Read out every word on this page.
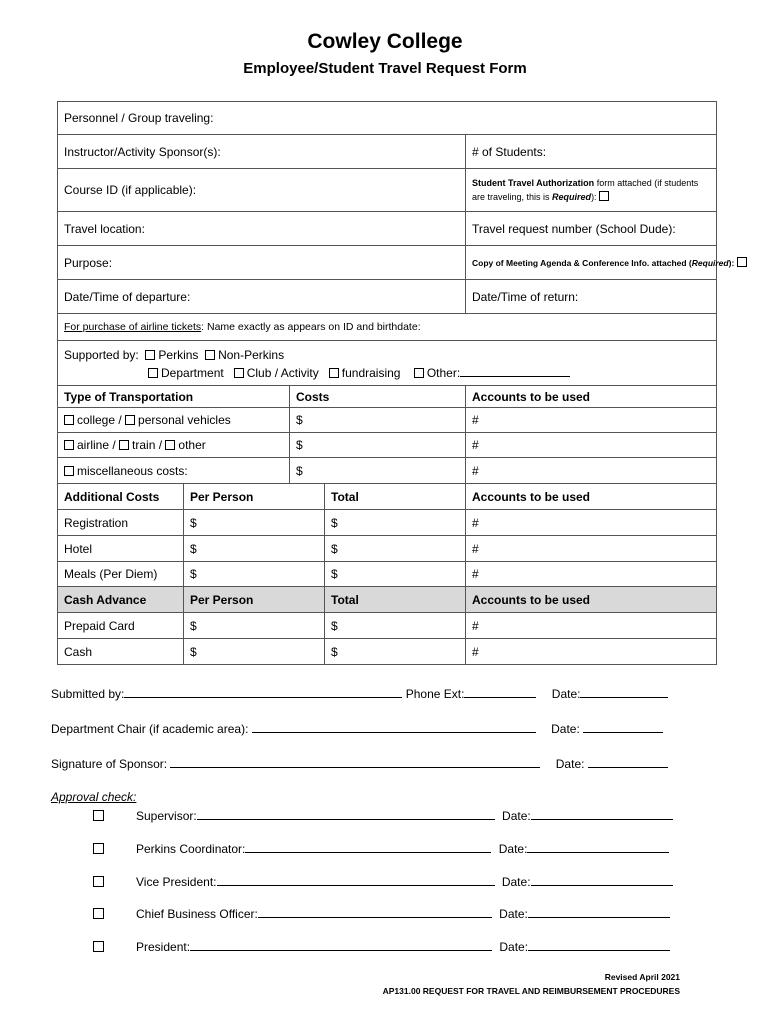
Cowley College
Employee/Student Travel Request Form
Personnel / Group traveling:				
Instructor/Activity Sponsor(s):				# of Students:
Course ID (if applicable):				Student Travel Authorization form attached (if students are traveling, this is Required):
Travel location:				Travel request number (School Dude):
Purpose:				Copy of Meeting Agenda & Conference Info. attached (Required):
Date/Time of departure:				Date/Time of return:
For purchase of airline tickets: Name exactly as appears on ID and birthdate:				

Supported by: Perkins Non-Perkins
Department Club / Activity fundraising Other:				

Type of Transportation		Costs		Accounts to be used
college / personal vehicles		$		#
airline / train / other		$		#
miscellaneous costs:		$		#
Additional Costs	Per Person		Total	Accounts to be used
Registration	$		$	#
Hotel	$		$	#
Meals (Per Diem)	$		$	#
Cash Advance	Per Person		Total	Accounts to be used
Prepaid Card	$		$	#
Cash	$		$	#
Submitted by:	Phone Ext:	Date:
Department Chair (if academic area):	Date:
Signature of Sponsor:	Date:
Approval check:
Supervisor:	Date:
Perkins Coordinator:	Date:
Vice President:	Date:
Chief Business Officer:	Date:
President:	Date:
Revised April 2021
AP131.00 REQUEST FOR TRAVEL AND REIMBURSEMENT PROCEDURES
